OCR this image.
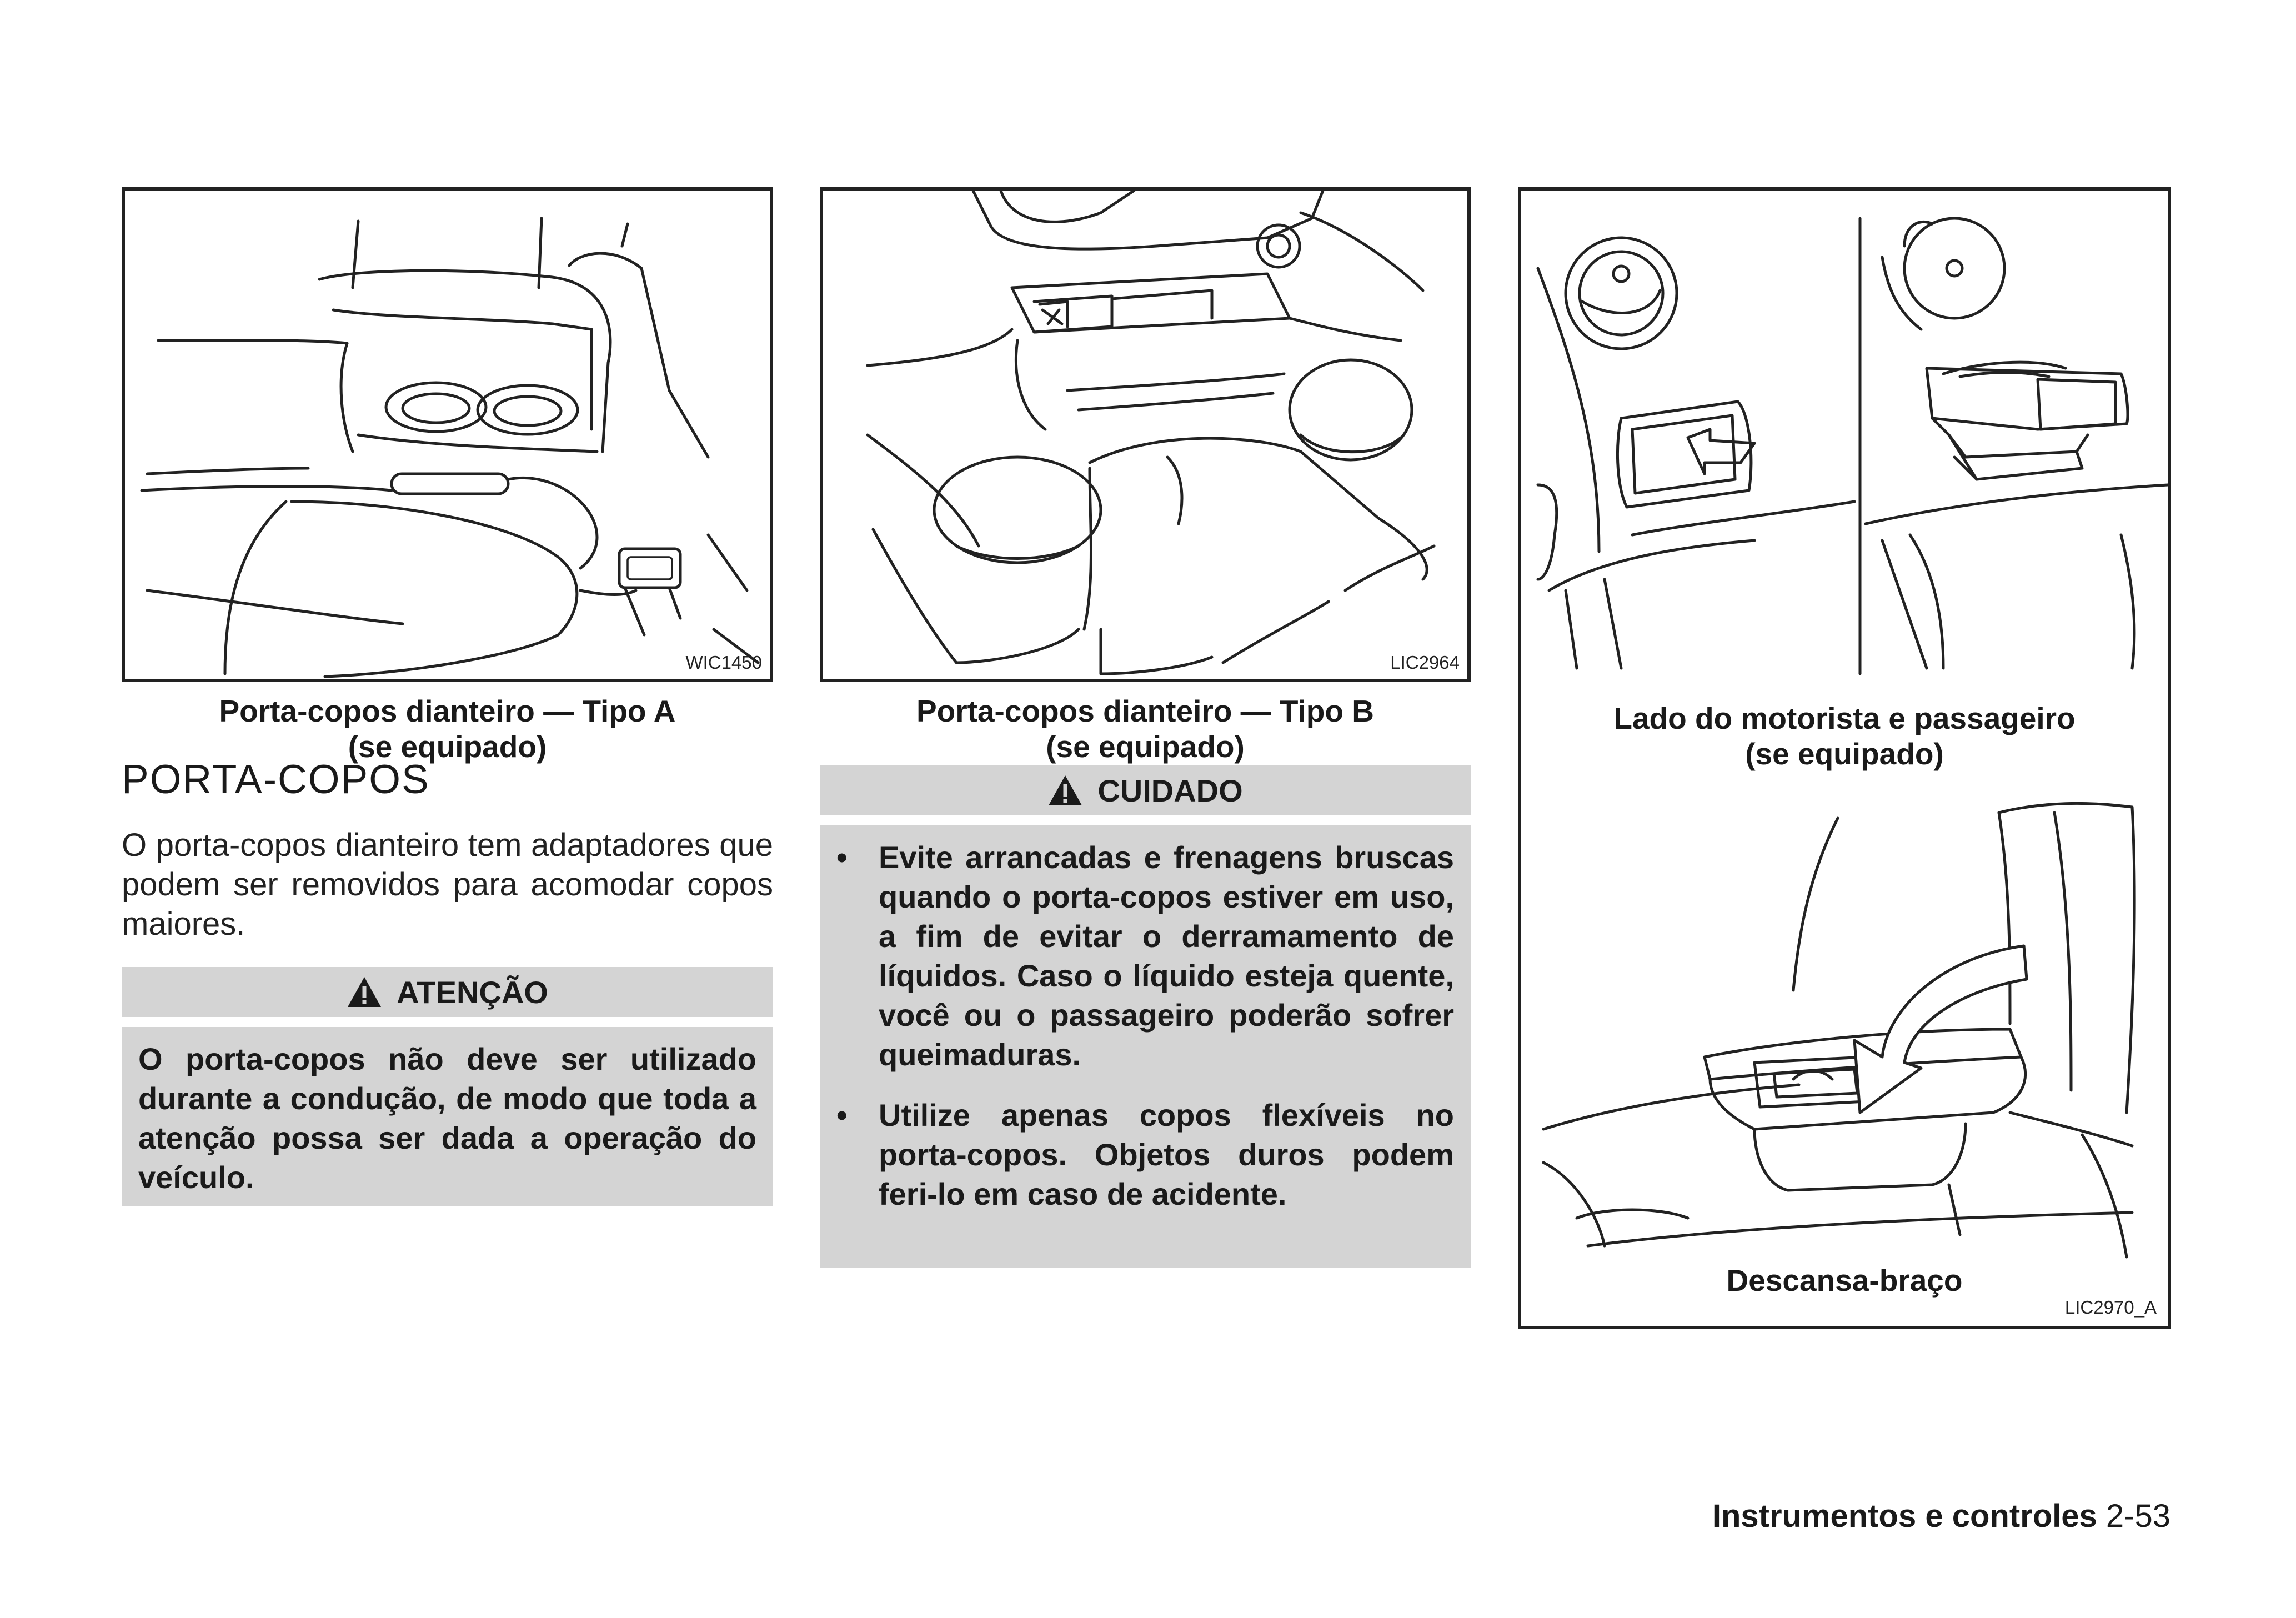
WIC1450
Porta-copos dianteiro — Tipo A
(se equipado)
LIC2964
Porta-copos dianteiro — Tipo B
(se equipado)
Lado do motorista e passageiro
(se equipado)
Descansa-braço
LIC2970_A
PORTA-COPOS
O porta-copos dianteiro tem adaptadores que podem ser removidos para acomodar copos maiores.
ATENÇÃO
O porta-copos não deve ser utilizado durante a condução, de modo que toda a atenção possa ser dada a operação do veículo.
CUIDADO
•	Evite arrancadas e frenagens bruscas quando o porta-copos estiver em uso, a fim de evitar o derramamento de líquidos. Caso o líquido esteja quente, você ou o passageiro poderão sofrer queimaduras.
•	Utilize apenas copos flexíveis no porta-copos. Objetos duros podem feri-lo em caso de acidente.
Instrumentos e controles 2-53
